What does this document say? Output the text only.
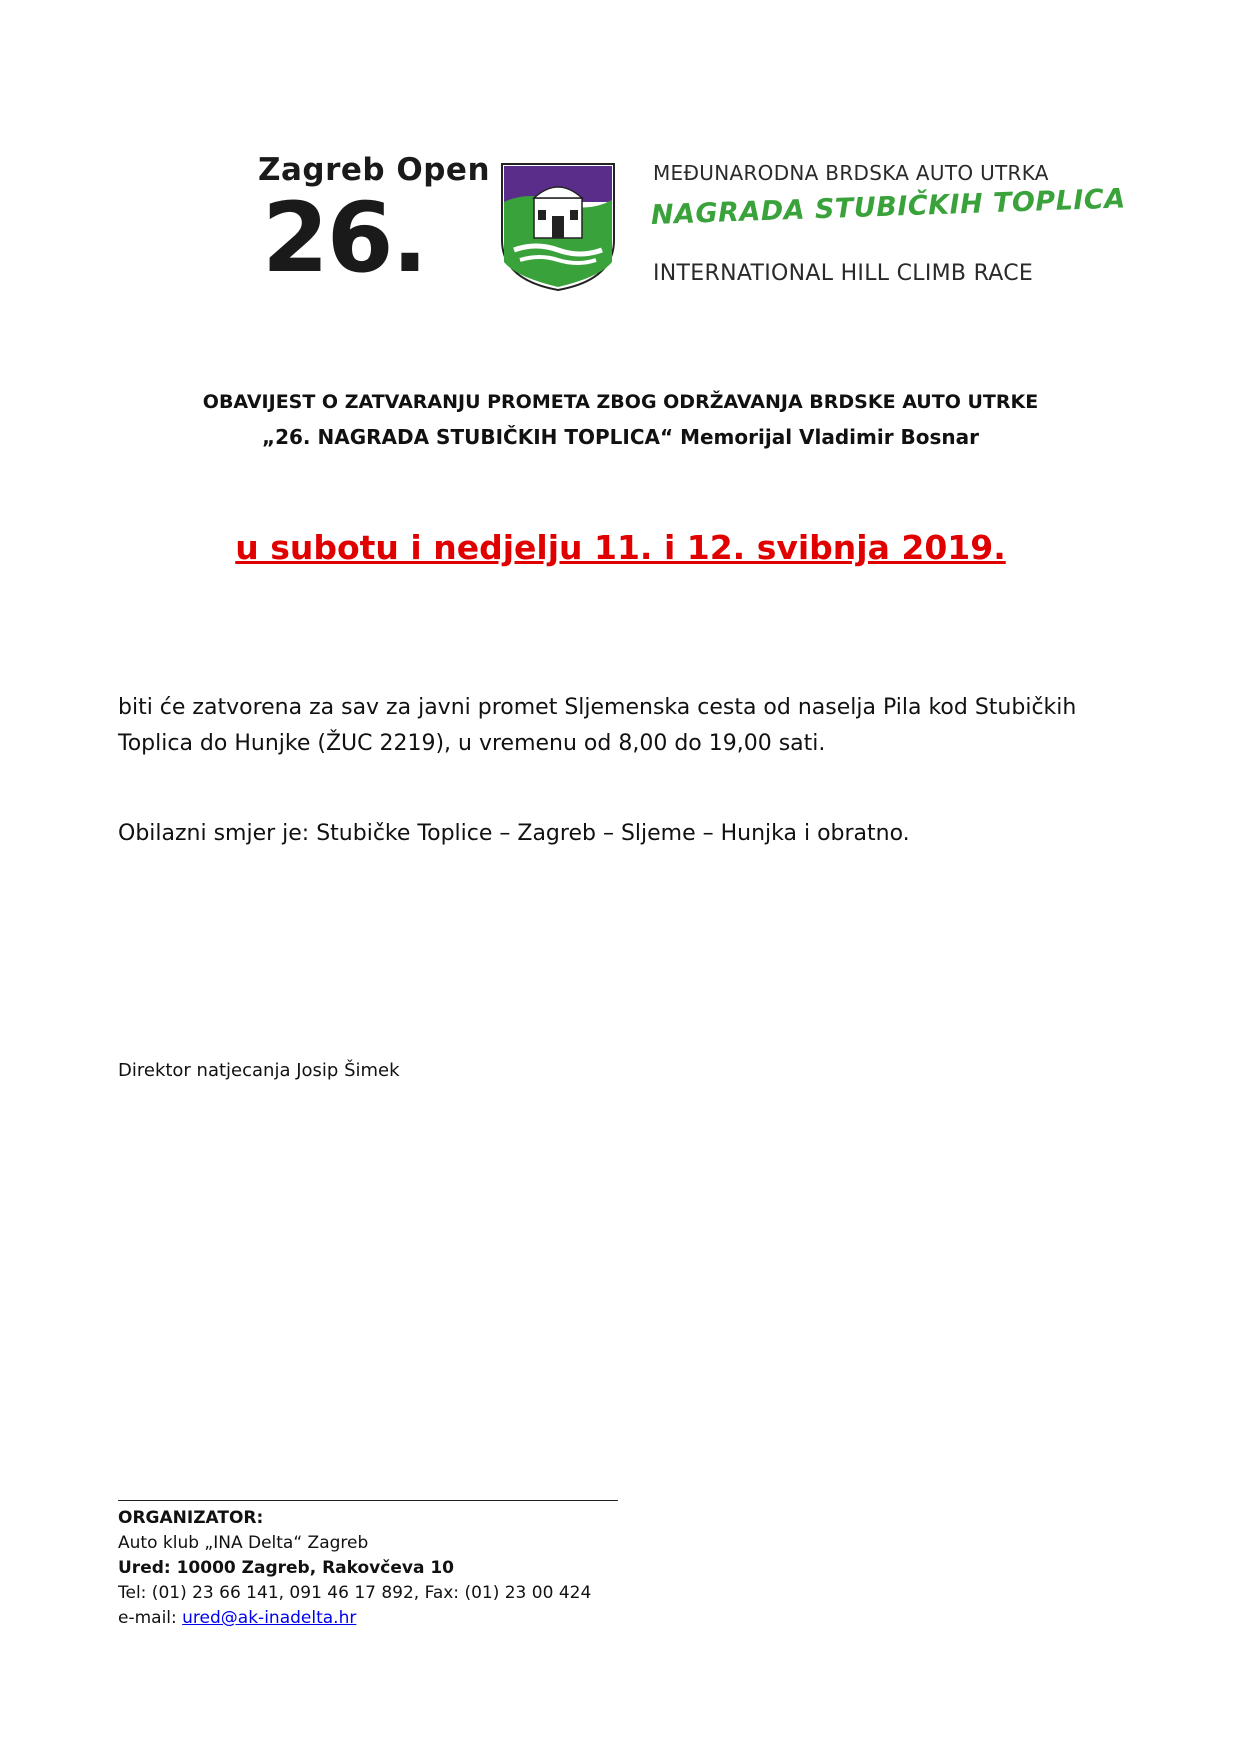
Zagreb Open
26.
MEĐUNARODNA BRDSKA AUTO UTRKA
NAGRADA STUBIČKIH TOPLICA
INTERNATIONAL HILL CLIMB RACE
OBAVIJEST O ZATVARANJU PROMETA ZBOG ODRŽAVANJA BRDSKE AUTO UTRKE
„26. NAGRADA STUBIČKIH TOPLICA“ Memorijal Vladimir Bosnar
u subotu i nedjelju 11. i 12. svibnja 2019.
biti će zatvorena za sav za javni promet Sljemenska cesta od naselja Pila kod Stubičkih Toplica do Hunjke (ŽUC 2219), u vremenu od 8,00 do 19,00 sati.
Obilazni smjer je: Stubičke Toplice – Zagreb – Sljeme – Hunjka i obratno.
Direktor natjecanja Josip Šimek
ORGANIZATOR:
Auto klub „INA Delta“ Zagreb
Ured: 10000 Zagreb, Rakovčeva 10
Tel: (01) 23 66 141, 091 46 17 892, Fax: (01) 23 00 424
e-mail: ured@ak-inadelta.hr
